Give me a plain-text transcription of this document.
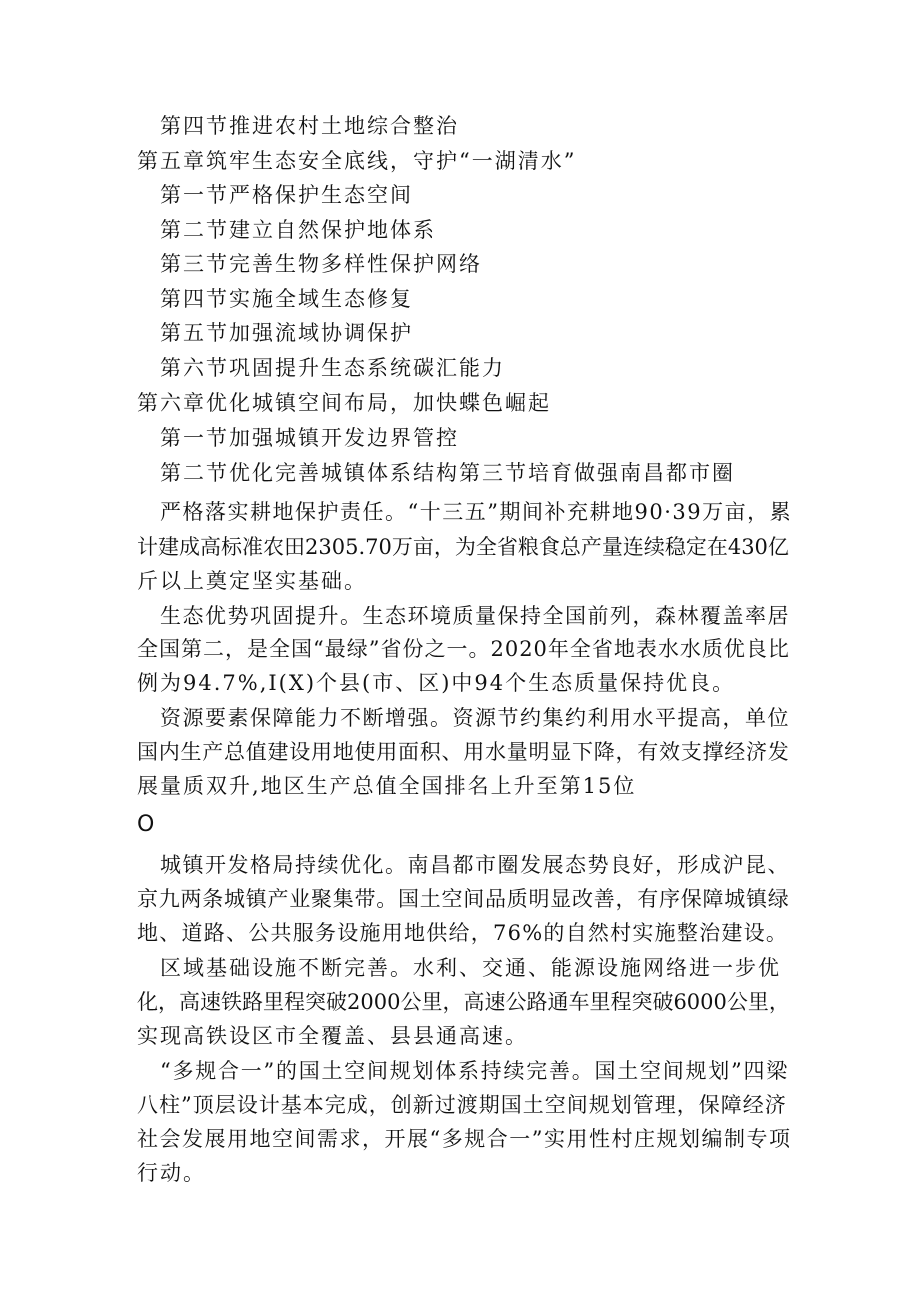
第四节推进农村土地综合整治
第五章筑牢生态安全底线，守护“一湖清水”
第一节严格保护生态空间
第二节建立自然保护地体系
第三节完善生物多样性保护网络
第四节实施全域生态修复
第五节加强流域协调保护
第六节巩固提升生态系统碳汇能力
第六章优化城镇空间布局，加快蝶色崛起
第一节加强城镇开发边界管控
第二节优化完善城镇体系结构第三节培育做强南昌都市圈
严格落实耕地保护责任。“十三五”期间补充耕地90·39万亩，累
计建成高标准农田2305.70万亩，为全省粮食总产量连续稳定在430亿
斤以上奠定坚实基础。
生态优势巩固提升。生态环境质量保持全国前列，森林覆盖率居
全国第二，是全国“最绿”省份之一。2020年全省地表水水质优良比
例为94.7%,I(X)个县(市、区)中94个生态质量保持优良。
资源要素保障能力不断增强。资源节约集约利用水平提高，单位
国内生产总值建设用地使用面积、用水量明显下降，有效支撑经济发
展量质双升,地区生产总值全国排名上升至第15位
O
城镇开发格局持续优化。南昌都市圈发展态势良好，形成沪昆、
京九两条城镇产业聚集带。国土空间品质明显改善，有序保障城镇绿
地、道路、公共服务设施用地供给，76%的自然村实施整治建设。
区域基础设施不断完善。水利、交通、能源设施网络进一步优
化，高速铁路里程突破2000公里，高速公路通车里程突破6000公里，
实现高铁设区市全覆盖、县县通高速。
“多规合一”的国土空间规划体系持续完善。国土空间规划”四梁
八柱”顶层设计基本完成，创新过渡期国土空间规划管理，保障经济
社会发展用地空间需求，开展“多规合一”实用性村庄规划编制专项
行动。
